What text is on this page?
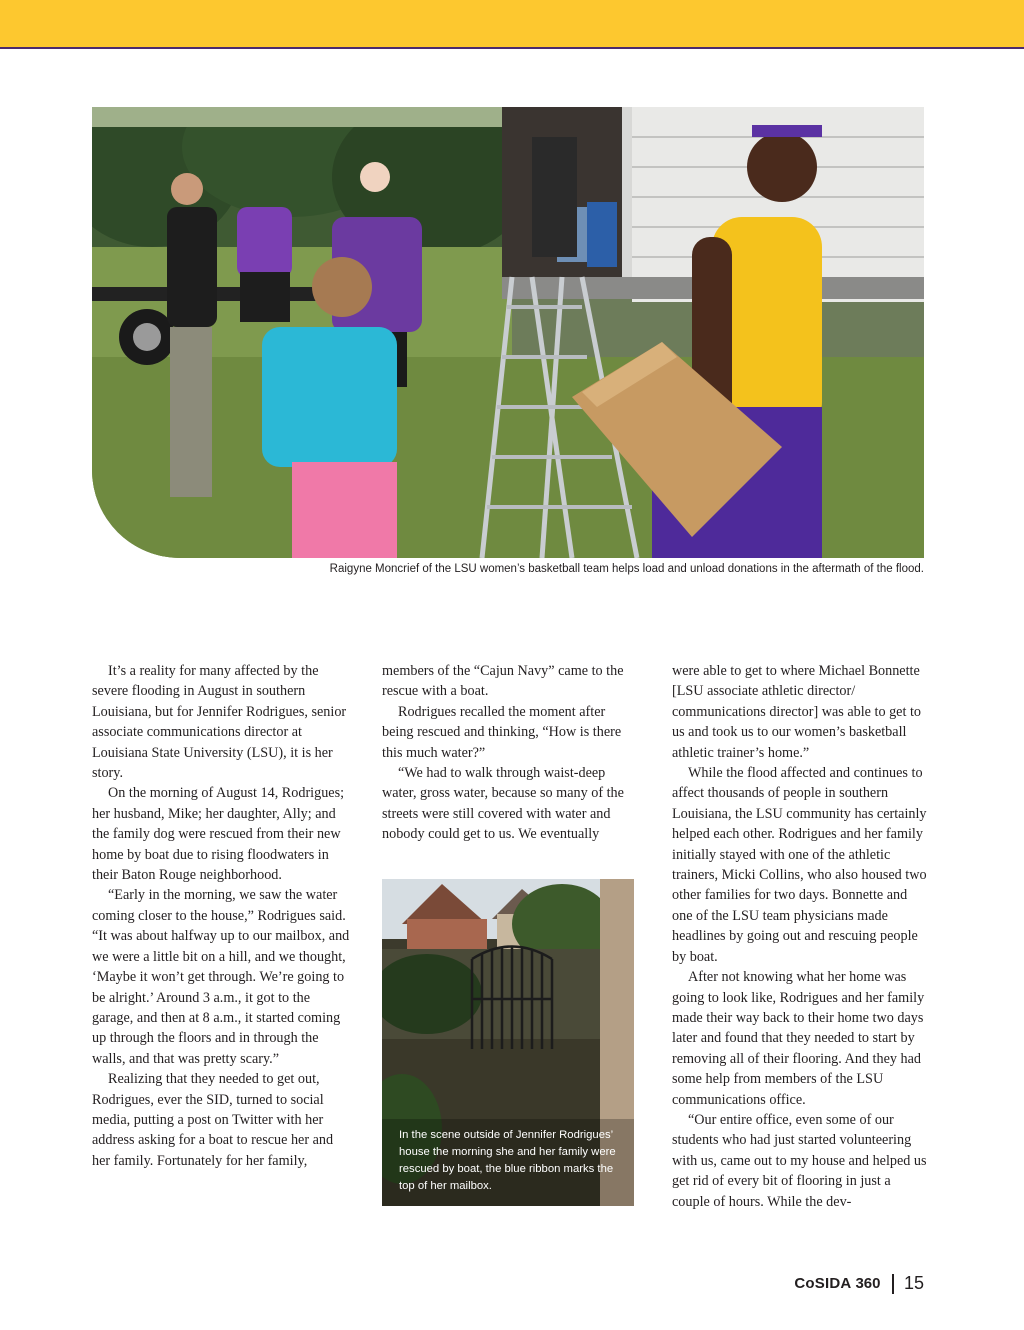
Raigyne Moncrief of the LSU women’s basketball team helps load and unload donations in the aftermath of the flood.

It’s a reality for many affected by the severe flooding in August in southern Louisiana, but for Jennifer Rodrigues, senior associate communications director at Louisiana State University (LSU), it is her story.

On the morning of August 14, Rodrigues; her husband, Mike; her daughter, Ally; and the family dog were rescued from their new home by boat due to rising floodwaters in their Baton Rouge neighborhood.

“Early in the morning, we saw the water coming closer to the house,” Rodrigues said. “It was about halfway up to our mailbox, and we were a little bit on a hill, and we thought, ‘Maybe it won’t get through. We’re going to be alright.’ Around 3 a.m., it got to the garage, and then at 8 a.m., it started coming up through the floors and in through the walls, and that was pretty scary.”

Realizing that they needed to get out, Rodrigues, ever the SID, turned to social media, putting a post on Twitter with her address asking for a boat to rescue her and her family. Fortunately for her family,

members of the “Cajun Navy” came to the rescue with a boat.

Rodrigues recalled the moment after being rescued and thinking, “How is there this much water?”

“We had to walk through waist-deep water, gross water, because so many of the streets were still covered with water and nobody could get to us. We eventually

In the scene outside of Jennifer Rodrigues’ house the morning she and her family were rescued by boat, the blue ribbon marks the top of her mailbox.

were able to get to where Michael Bonnette [LSU associate athletic director/ communications director] was able to get to us and took us to our women’s basketball athletic trainer’s home.”

While the flood affected and continues to affect thousands of people in southern Louisiana, the LSU community has certainly helped each other. Rodrigues and her family initially stayed with one of the athletic trainers, Micki Collins, who also housed two other families for two days. Bonnette and one of the LSU team physicians made headlines by going out and rescuing people by boat.

After not knowing what her home was going to look like, Rodrigues and her family made their way back to their home two days later and found that they needed to start by removing all of their flooring. And they had some help from members of the LSU communications office.

“Our entire office, even some of our students who had just started volunteering with us, came out to my house and helped us get rid of every bit of flooring in just a couple of hours. While the dev-

CoSIDA 360 15
